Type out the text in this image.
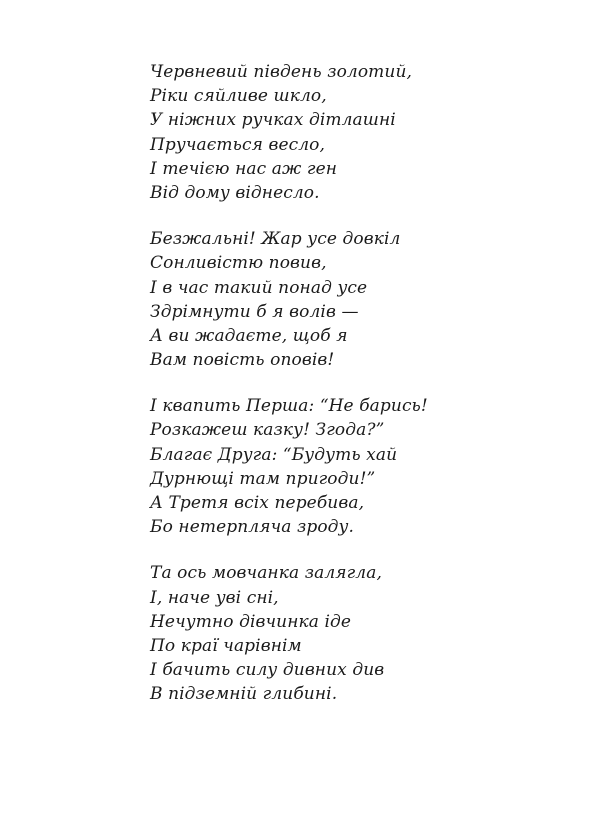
Червневий південь золотий,
Ріки сяйливе шкло,
У ніжних ручках дітлашні
Пручається весло,
І течією нас аж ген
Від дому віднесло.
Безжальні! Жар усе довкіл
Сонливістю повив,
І в час такий понад усе
Здрімнути б я волів —
А ви жадаєте, щоб я
Вам повість оповів!
І квапить Перша: “Не барись!
Розкажеш казку! Згода?”
Благає Друга: “Будуть хай
Дурнющі там пригоди!”
А Третя всіх перебива,
Бо нетерпляча зроду.
Та ось мовчанка залягла,
І, наче уві сні,
Нечутно дівчинка іде
По краї чарівнім
І бачить силу дивних див
В підземній глибині.
